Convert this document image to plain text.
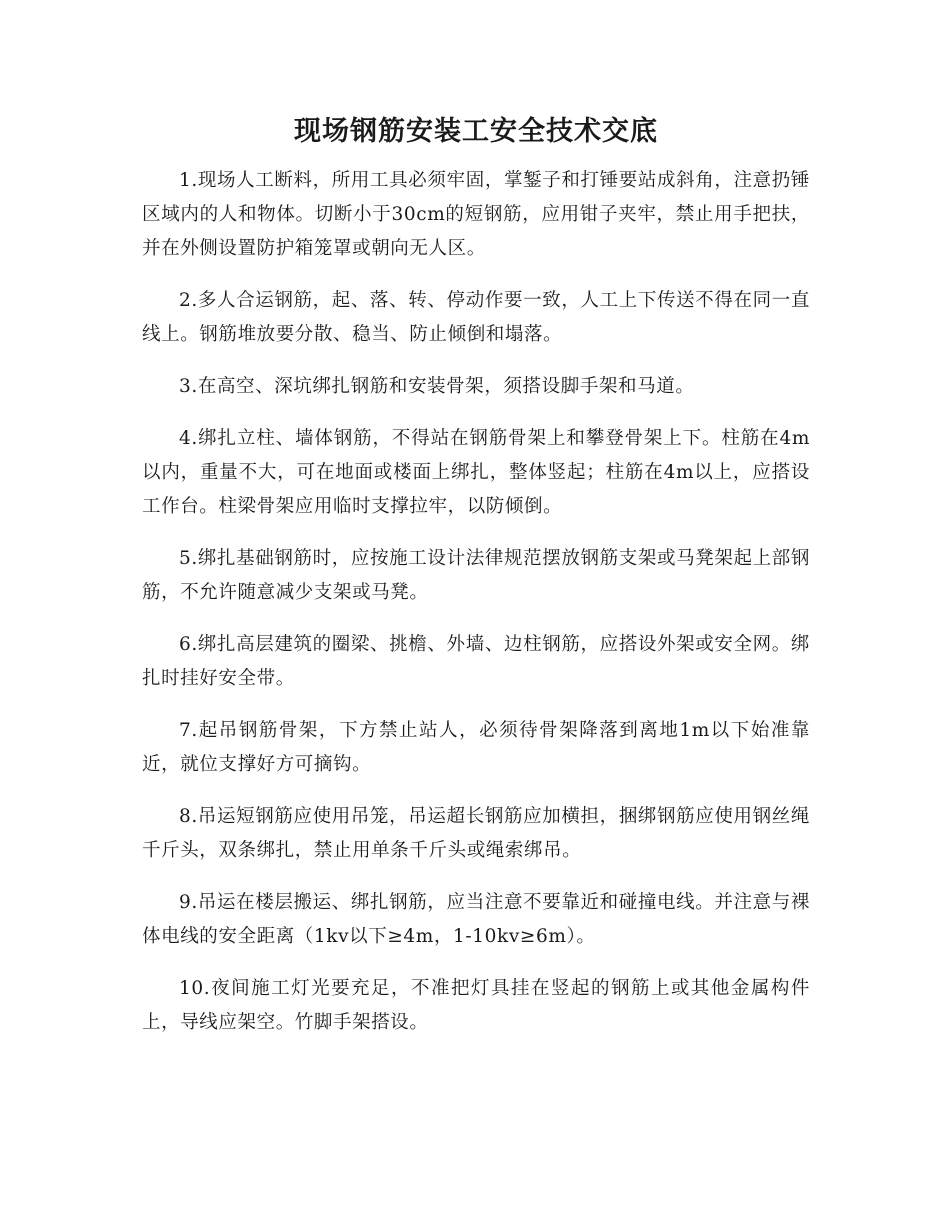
现场钢筋安装工安全技术交底

1.现场人工断料，所用工具必须牢固，掌錾子和打锤要站成斜角，注意扔锤区域内的人和物体。切断小于30cm的短钢筋，应用钳子夹牢，禁止用手把扶，并在外侧设置防护箱笼罩或朝向无人区。

2.多人合运钢筋，起、落、转、停动作要一致，人工上下传送不得在同一直线上。钢筋堆放要分散、稳当、防止倾倒和塌落。

3.在高空、深坑绑扎钢筋和安装骨架，须搭设脚手架和马道。

4.绑扎立柱、墙体钢筋，不得站在钢筋骨架上和攀登骨架上下。柱筋在4m以内，重量不大，可在地面或楼面上绑扎，整体竖起；柱筋在4m以上，应搭设工作台。柱梁骨架应用临时支撑拉牢，以防倾倒。

5.绑扎基础钢筋时，应按施工设计法律规范摆放钢筋支架或马凳架起上部钢筋，不允许随意减少支架或马凳。

6.绑扎高层建筑的圈梁、挑檐、外墙、边柱钢筋，应搭设外架或安全网。绑扎时挂好安全带。

7.起吊钢筋骨架，下方禁止站人，必须待骨架降落到离地1m以下始准靠近，就位支撑好方可摘钩。

8.吊运短钢筋应使用吊笼，吊运超长钢筋应加横担，捆绑钢筋应使用钢丝绳千斤头，双条绑扎，禁止用单条千斤头或绳索绑吊。

9.吊运在楼层搬运、绑扎钢筋，应当注意不要靠近和碰撞电线。并注意与裸体电线的安全距离（1kv以下≥4m，1-10kv≥6m）。

10.夜间施工灯光要充足，不准把灯具挂在竖起的钢筋上或其他金属构件上，导线应架空。竹脚手架搭设。
